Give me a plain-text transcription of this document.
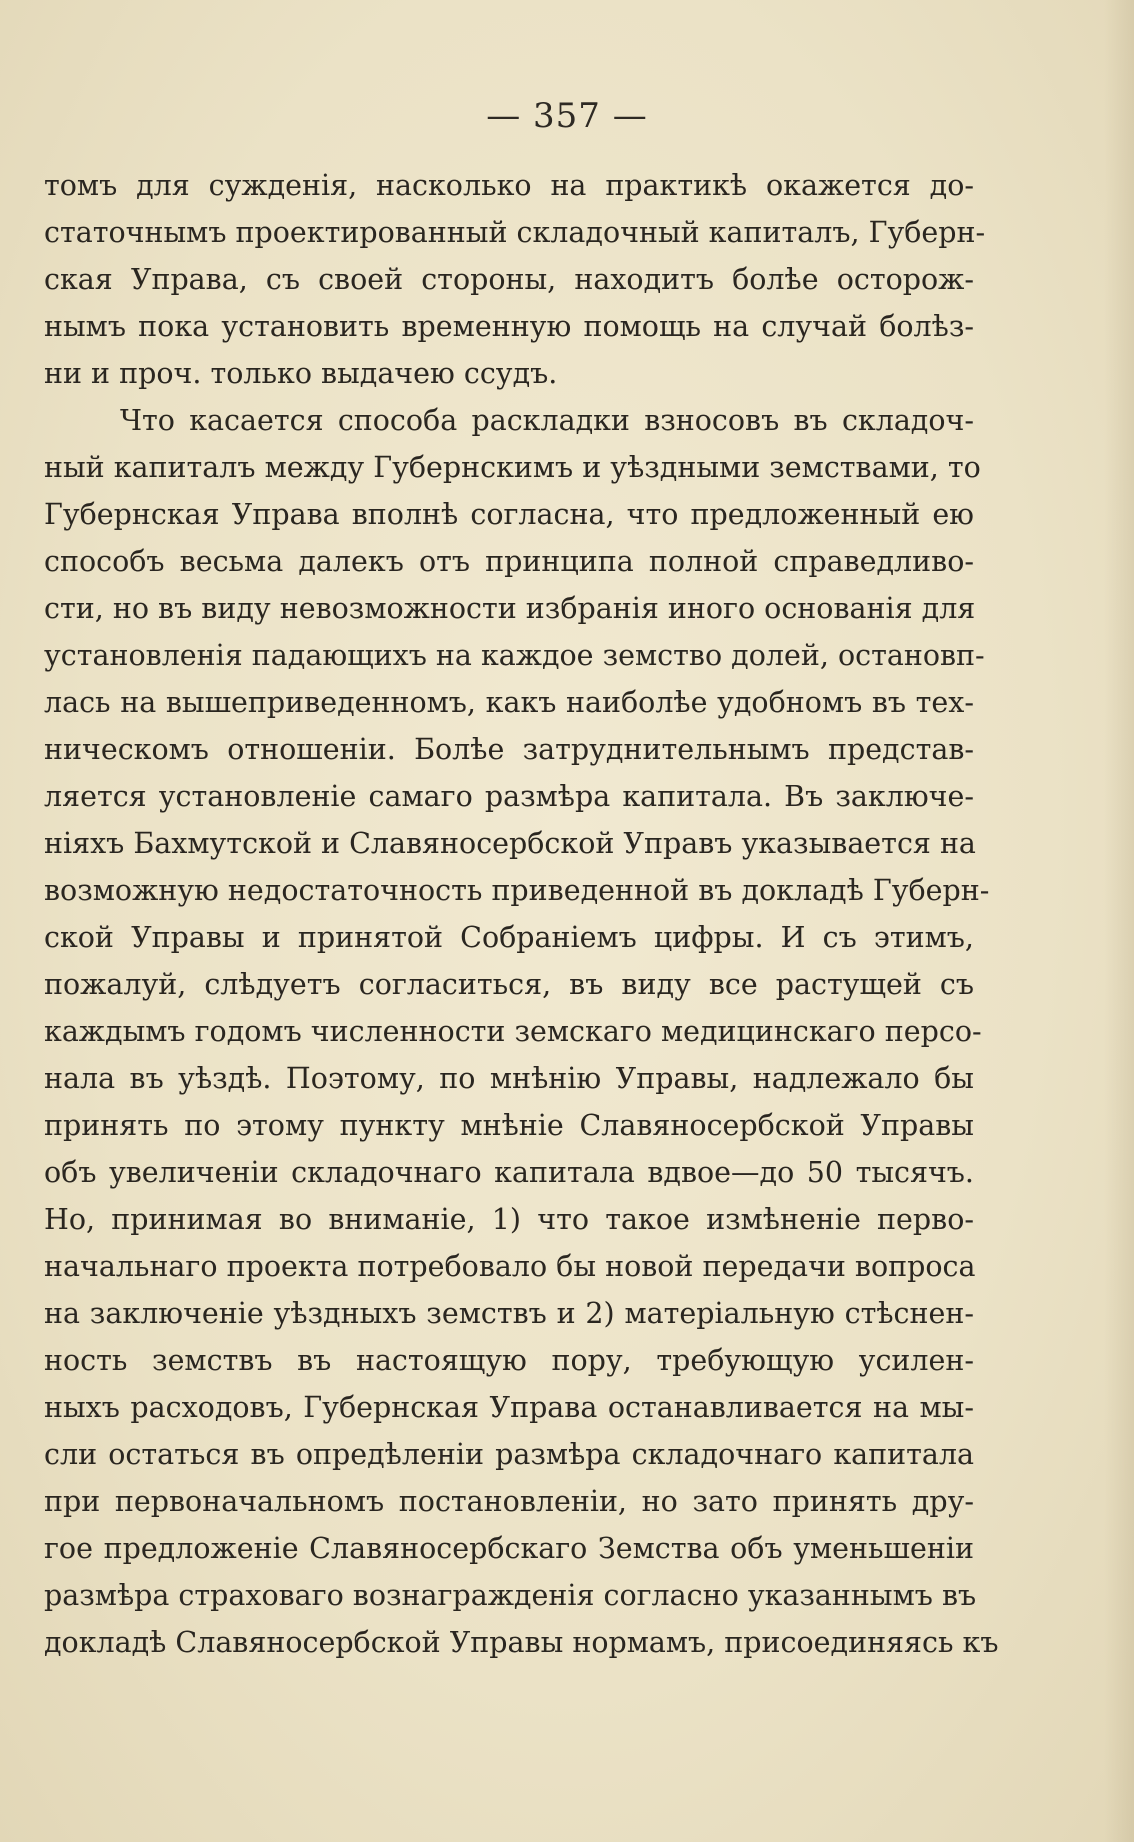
— 357 —
томъ для сужденія, насколько на практикѣ окажется до-
статочнымъ проектированный складочный капиталъ, Губерн-
ская Управа, съ своей стороны, находитъ болѣе осторож-
нымъ пока установить временную помощь на случай болѣз-
ни и проч. только выдачею ссудъ.
Что касается способа раскладки взносовъ въ складоч-
ный капиталъ между Губернскимъ и уѣздными земствами, то
Губернская Управа вполнѣ согласна, что предложенный ею
способъ весьма далекъ отъ принципа полной справедливо-
сти, но въ виду невозможности избранія иного основанія для
установленія падающихъ на каждое земство долей, остановп-
лась на вышеприведенномъ, какъ наиболѣе удобномъ въ тех-
ническомъ отношеніи. Болѣе затруднительнымъ представ-
ляется установленіе самаго размѣра капитала. Въ заключе-
ніяхъ Бахмутской и Славяносербской Управъ указывается на
возможную недостаточность приведенной въ докладѣ Губерн-
ской Управы и принятой Собраніемъ цифры. И съ этимъ,
пожалуй, слѣдуетъ согласиться, въ виду все растущей съ
каждымъ годомъ численности земскаго медицинскаго персо-
нала въ уѣздѣ. Поэтому, по мнѣнію Управы, надлежало бы
принять по этому пункту мнѣніе Славяносербской Управы
объ увеличеніи складочнаго капитала вдвое—до 50 тысячъ.
Но, принимая во вниманіе, 1) что такое измѣненіе перво-
начальнаго проекта потребовало бы новой передачи вопроса
на заключеніе уѣздныхъ земствъ и 2) матеріальную стѣснен-
ность земствъ въ настоящую пору, требующую усилен-
ныхъ расходовъ, Губернская Управа останавливается на мы-
сли остаться въ опредѣленіи размѣра складочнаго капитала
при первоначальномъ постановленіи, но зато принять дру-
гое предложеніе Славяносербскаго Земства объ уменьшеніи
размѣра страховаго вознагражденія согласно указаннымъ въ
докладѣ Славяносербской Управы нормамъ, присоединяясь къ
